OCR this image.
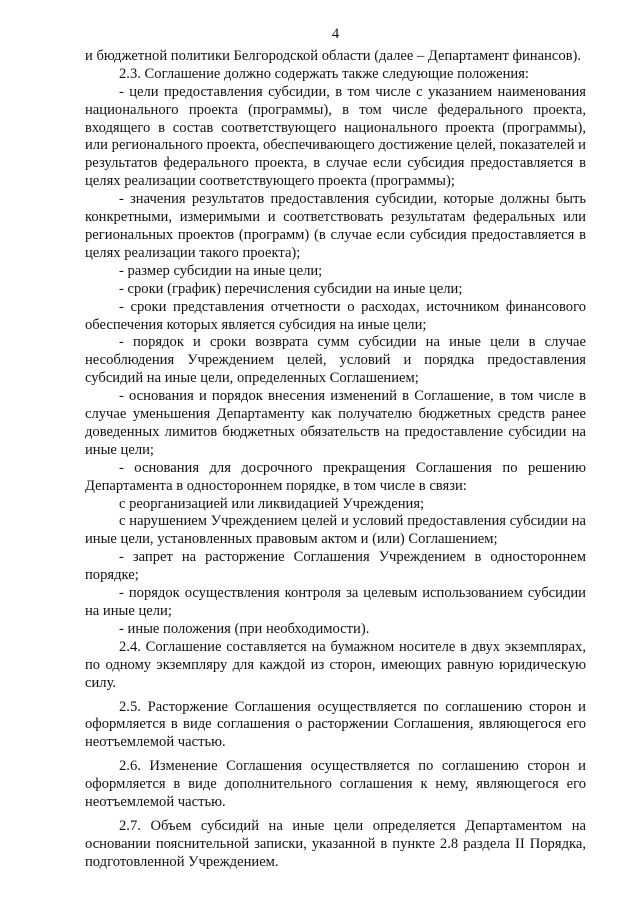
4

и бюджетной политики Белгородской области (далее – Департамент финансов).

2.3. Соглашение должно содержать также следующие положения:

- цели предоставления субсидии, в том числе с указанием наименования национального проекта (программы), в том числе федерального проекта, входящего в состав соответствующего национального проекта (программы), или регионального проекта, обеспечивающего достижение целей, показателей и результатов федерального проекта, в случае если субсидия предоставляется в целях реализации соответствующего проекта (программы);

- значения результатов предоставления субсидии, которые должны быть конкретными, измеримыми и соответствовать результатам федеральных или региональных проектов (программ) (в случае если субсидия предоставляется в целях реализации такого проекта);

- размер субсидии на иные цели;

- сроки (график) перечисления субсидии на иные цели;

- сроки представления отчетности о расходах, источником финансового обеспечения которых является субсидия на иные цели;

- порядок и сроки возврата сумм субсидии на иные цели в случае несоблюдения Учреждением целей, условий и порядка предоставления субсидий на иные цели, определенных Соглашением;

- основания и порядок внесения изменений в Соглашение, в том числе в случае уменьшения Департаменту как получателю бюджетных средств ранее доведенных лимитов бюджетных обязательств на предоставление субсидии на иные цели;

- основания для досрочного прекращения Соглашения по решению Департамента в одностороннем порядке, в том числе в связи:

с реорганизацией или ликвидацией Учреждения;

с нарушением Учреждением целей и условий предоставления субсидии на иные цели, установленных правовым актом и (или) Соглашением;

- запрет на расторжение Соглашения Учреждением в одностороннем порядке;

- порядок осуществления контроля за целевым использованием субсидии на иные цели;

- иные положения (при необходимости).

2.4. Соглашение составляется на бумажном носителе в двух экземплярах, по одному экземпляру для каждой из сторон, имеющих равную юридическую силу.

2.5. Расторжение Соглашения осуществляется по соглашению сторон и оформляется в виде соглашения о расторжении Соглашения, являющегося его неотъемлемой частью.

2.6. Изменение Соглашения осуществляется по соглашению сторон и оформляется в виде дополнительного соглашения к нему, являющегося его неотъемлемой частью.

2.7. Объем субсидий на иные цели определяется Департаментом на основании пояснительной записки, указанной в пункте 2.8 раздела II Порядка, подготовленной Учреждением.
